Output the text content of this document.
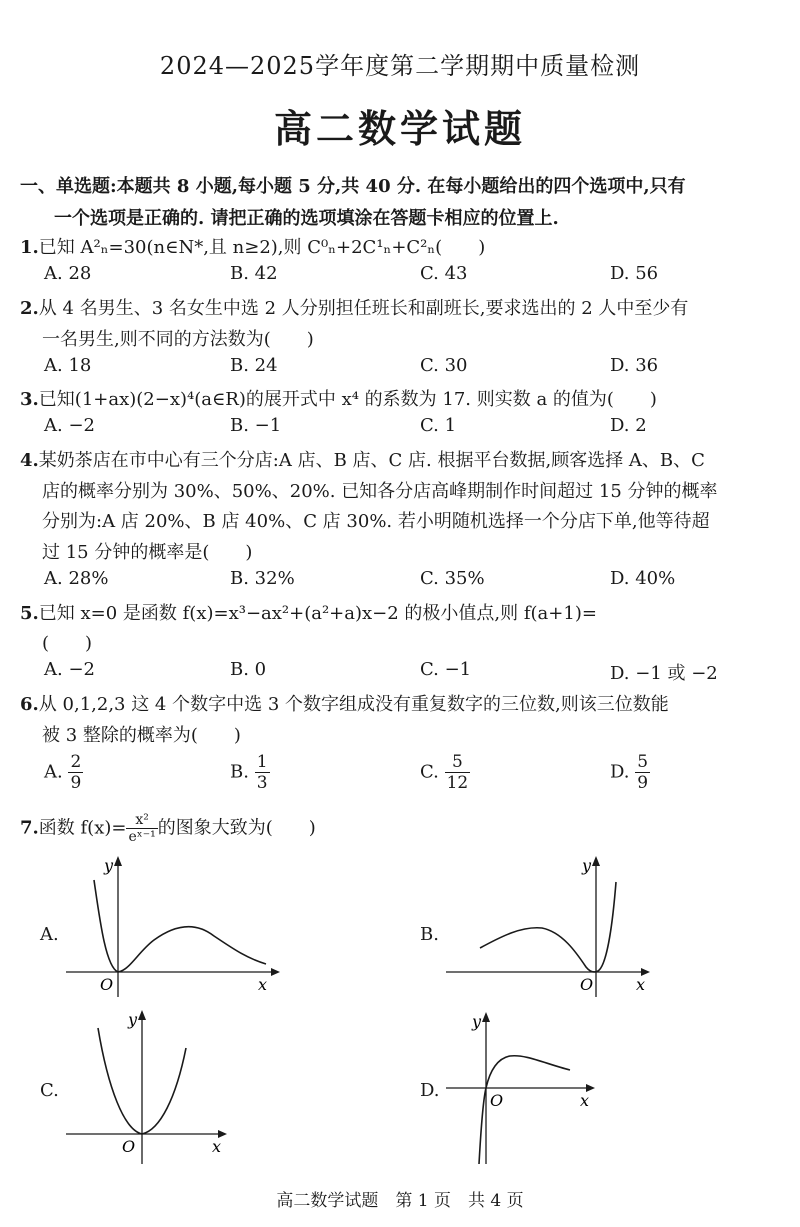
2024—2025学年度第二学期期中质量检测
高二数学试题
一、单选题:本题共 8 小题,每小题 5 分,共 40 分. 在每小题给出的四个选项中,只有
一个选项是正确的. 请把正确的选项填涂在答题卡相应的位置上.
1.已知 A²ₙ=30(n∈N*,且 n≥2),则 C⁰ₙ+2C¹ₙ+C²ₙ(　　)
A. 28	B. 42	C. 43	D. 56
2.从 4 名男生、3 名女生中选 2 人分别担任班长和副班长,要求选出的 2 人中至少有
一名男生,则不同的方法数为(　　)
A. 18	B. 24	C. 30	D. 36
3.已知(1+ax)(2−x)⁴(a∈R)的展开式中 x⁴ 的系数为 17. 则实数 a 的值为(　　)
A. −2	B. −1	C. 1	D. 2
4.某奶茶店在市中心有三个分店:A 店、B 店、C 店. 根据平台数据,顾客选择 A、B、C
店的概率分别为 30%、50%、20%. 已知各分店高峰期制作时间超过 15 分钟的概率
分别为:A 店 20%、B 店 40%、C 店 30%. 若小明随机选择一个分店下单,他等待超
过 15 分钟的概率是(　　)
A. 28%	B. 32%	C. 35%	D. 40%
5.已知 x=0 是函数 f(x)=x³−ax²+(a²+a)x−2 的极小值点,则 f(a+1)=
(　　)
A. −2	B. 0	C. −1	D. −1 或 −2
6.从 0,1,2,3 这 4 个数字中选 3 个数字组成没有重复数字的三位数,则该三位数能
被 3 整除的概率为(　　)
A. $\frac{2}{9}$	B. $\frac{1}{3}$	C. $\frac{5}{12}$	D. $\frac{5}{9}$
7.函数 $f(x)= \frac{\text{x²}}{\text{eˣ⁻¹}}$ 的图象大致为(　　)
A.
y
x
O
B.
y
x
O
C.
y
x
O
D.
y
x
O
高二数学试题　第 1 页　共 4 页
